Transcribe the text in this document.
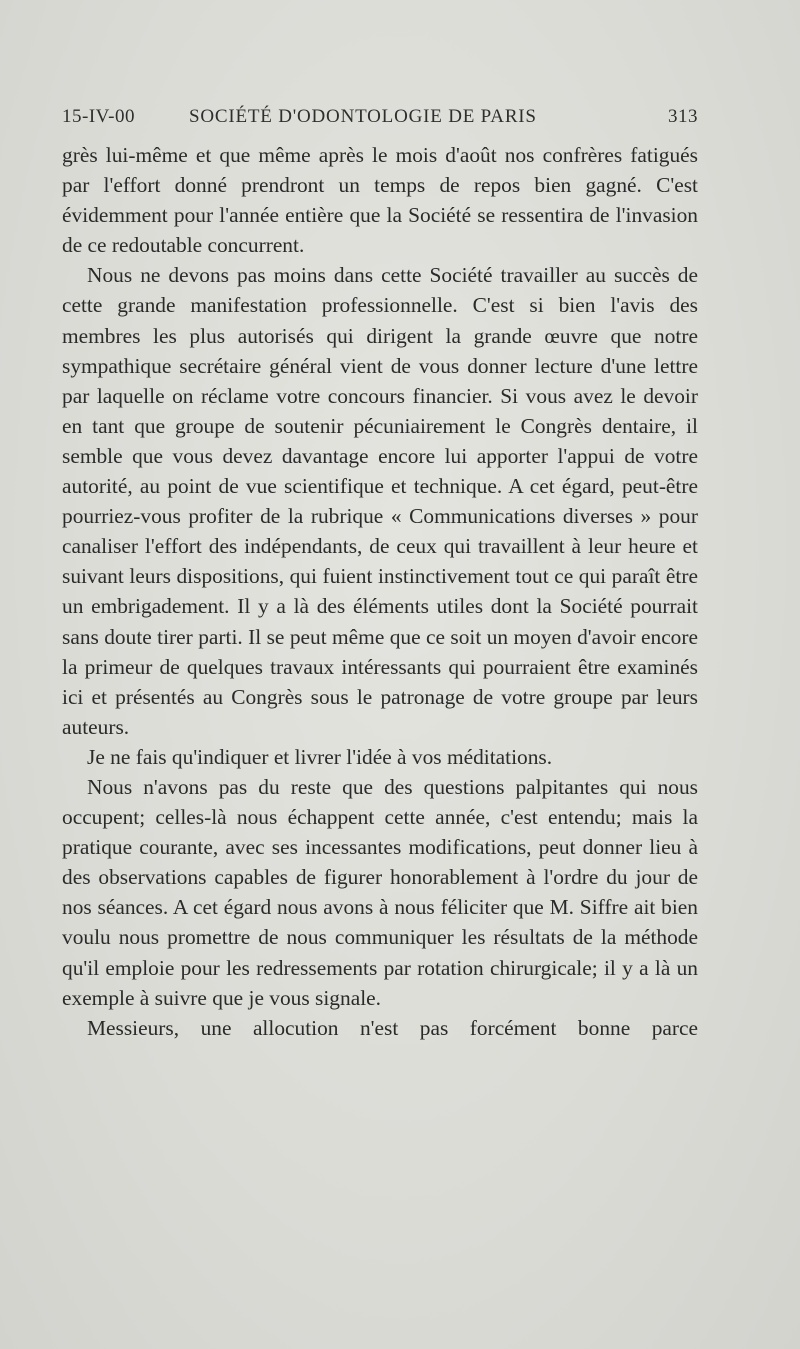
15-IV-00	SOCIÉTÉ D'ODONTOLOGIE DE PARIS	313

grès lui-même et que même après le mois d'août nos confrères fatigués par l'effort donné prendront un temps de repos bien gagné. C'est évidemment pour l'année entière que la Société se ressentira de l'invasion de ce redoutable concurrent.

Nous ne devons pas moins dans cette Société travailler au succès de cette grande manifestation professionnelle. C'est si bien l'avis des membres les plus autorisés qui dirigent la grande œuvre que notre sympathique secrétaire général vient de vous donner lecture d'une lettre par laquelle on réclame votre concours financier. Si vous avez le devoir en tant que groupe de soutenir pécuniairement le Congrès dentaire, il semble que vous devez davantage encore lui apporter l'appui de votre autorité, au point de vue scientifique et technique. A cet égard, peut-être pourriez-vous profiter de la rubrique « Communications diverses » pour canaliser l'effort des indépendants, de ceux qui travaillent à leur heure et suivant leurs dispositions, qui fuient instinctivement tout ce qui paraît être un embrigadement. Il y a là des éléments utiles dont la Société pourrait sans doute tirer parti. Il se peut même que ce soit un moyen d'avoir encore la primeur de quelques travaux intéressants qui pourraient être examinés ici et présentés au Congrès sous le patronage de votre groupe par leurs auteurs.

Je ne fais qu'indiquer et livrer l'idée à vos méditations.

Nous n'avons pas du reste que des questions palpitantes qui nous occupent; celles-là nous échappent cette année, c'est entendu; mais la pratique courante, avec ses incessantes modifications, peut donner lieu à des observations capables de figurer honorablement à l'ordre du jour de nos séances. A cet égard nous avons à nous féliciter que M. Siffre ait bien voulu nous promettre de nous communiquer les résultats de la méthode qu'il emploie pour les redressements par rotation chirurgicale; il y a là un exemple à suivre que je vous signale.

Messieurs, une allocution n'est pas forcément bonne parce
